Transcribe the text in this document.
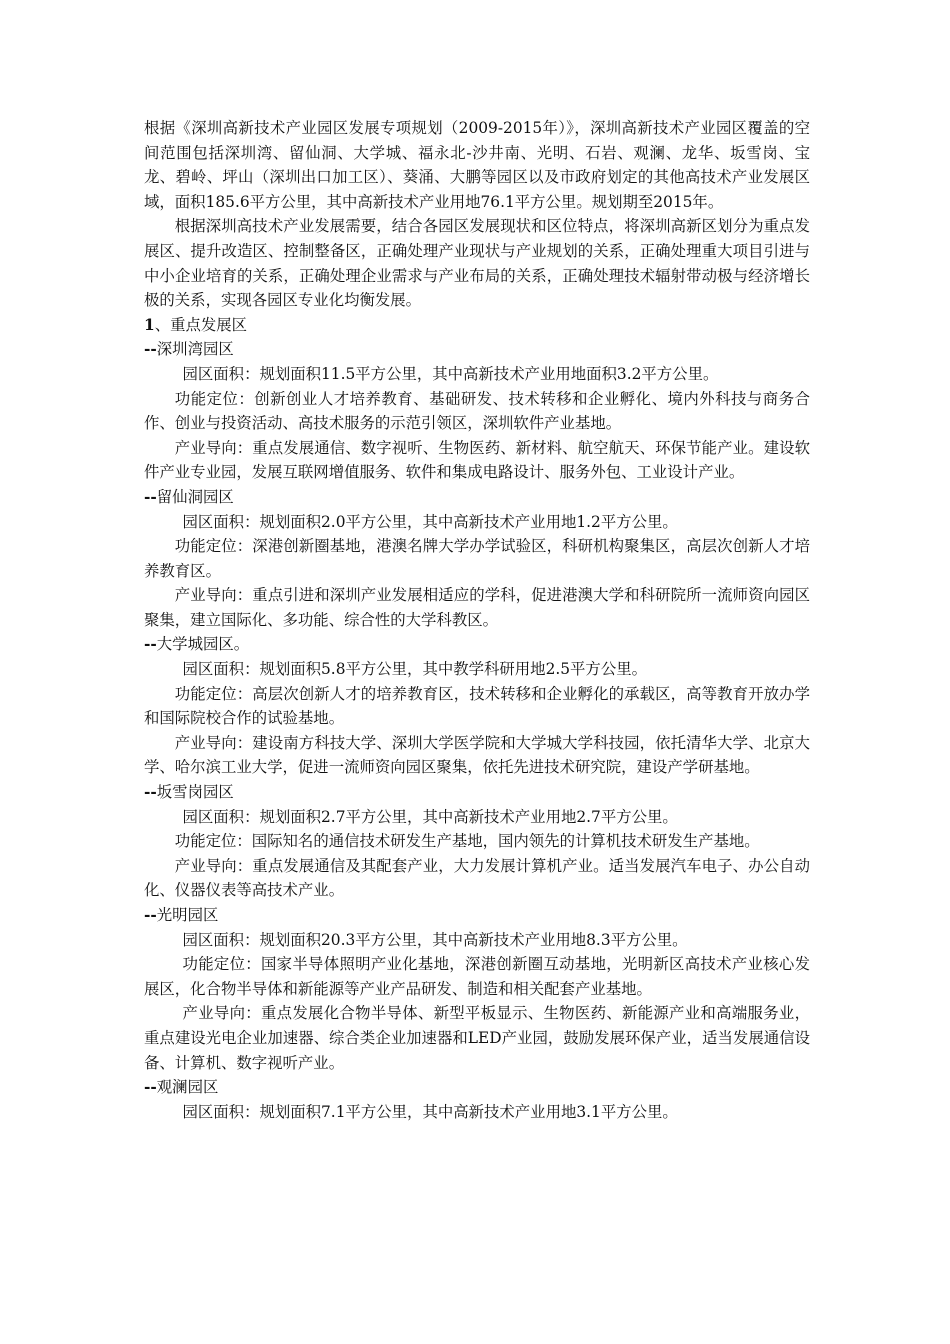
根据《深圳高新技术产业园区发展专项规划（2009-2015年）》，深圳高新技术产业园区覆盖的空间范围包括深圳湾、留仙洞、大学城、福永北-沙井南、光明、石岩、观澜、龙华、坂雪岗、宝龙、碧岭、坪山（深圳出口加工区）、葵涌、大鹏等园区以及市政府划定的其他高技术产业发展区域，面积185.6平方公里，其中高新技术产业用地76.1平方公里。规划期至2015年。

根据深圳高技术产业发展需要，结合各园区发展现状和区位特点，将深圳高新区划分为重点发展区、提升改造区、控制整备区，正确处理产业现状与产业规划的关系，正确处理重大项目引进与中小企业培育的关系，正确处理企业需求与产业布局的关系，正确处理技术辐射带动极与经济增长极的关系，实现各园区专业化均衡发展。

1、重点发展区

--深圳湾园区

园区面积：规划面积11.5平方公里，其中高新技术产业用地面积3.2平方公里。

功能定位：创新创业人才培养教育、基础研发、技术转移和企业孵化、境内外科技与商务合作、创业与投资活动、高技术服务的示范引领区，深圳软件产业基地。

产业导向：重点发展通信、数字视听、生物医药、新材料、航空航天、环保节能产业。建设软件产业专业园，发展互联网增值服务、软件和集成电路设计、服务外包、工业设计产业。

--留仙洞园区

园区面积：规划面积2.0平方公里，其中高新技术产业用地1.2平方公里。

功能定位：深港创新圈基地，港澳名牌大学办学试验区，科研机构聚集区，高层次创新人才培养教育区。

产业导向：重点引进和深圳产业发展相适应的学科，促进港澳大学和科研院所一流师资向园区聚集，建立国际化、多功能、综合性的大学科教区。

--大学城园区。

园区面积：规划面积5.8平方公里，其中教学科研用地2.5平方公里。

功能定位：高层次创新人才的培养教育区，技术转移和企业孵化的承载区，高等教育开放办学和国际院校合作的试验基地。

产业导向：建设南方科技大学、深圳大学医学院和大学城大学科技园，依托清华大学、北京大学、哈尔滨工业大学，促进一流师资向园区聚集，依托先进技术研究院，建设产学研基地。

--坂雪岗园区

园区面积：规划面积2.7平方公里，其中高新技术产业用地2.7平方公里。

功能定位：国际知名的通信技术研发生产基地，国内领先的计算机技术研发生产基地。

产业导向：重点发展通信及其配套产业，大力发展计算机产业。适当发展汽车电子、办公自动化、仪器仪表等高技术产业。

--光明园区

园区面积：规划面积20.3平方公里，其中高新技术产业用地8.3平方公里。

功能定位：国家半导体照明产业化基地，深港创新圈互动基地，光明新区高技术产业核心发展区，化合物半导体和新能源等产业产品研发、制造和相关配套产业基地。

产业导向：重点发展化合物半导体、新型平板显示、生物医药、新能源产业和高端服务业，重点建设光电企业加速器、综合类企业加速器和LED产业园，鼓励发展环保产业，适当发展通信设备、计算机、数字视听产业。

--观澜园区

园区面积：规划面积7.1平方公里，其中高新技术产业用地3.1平方公里。
